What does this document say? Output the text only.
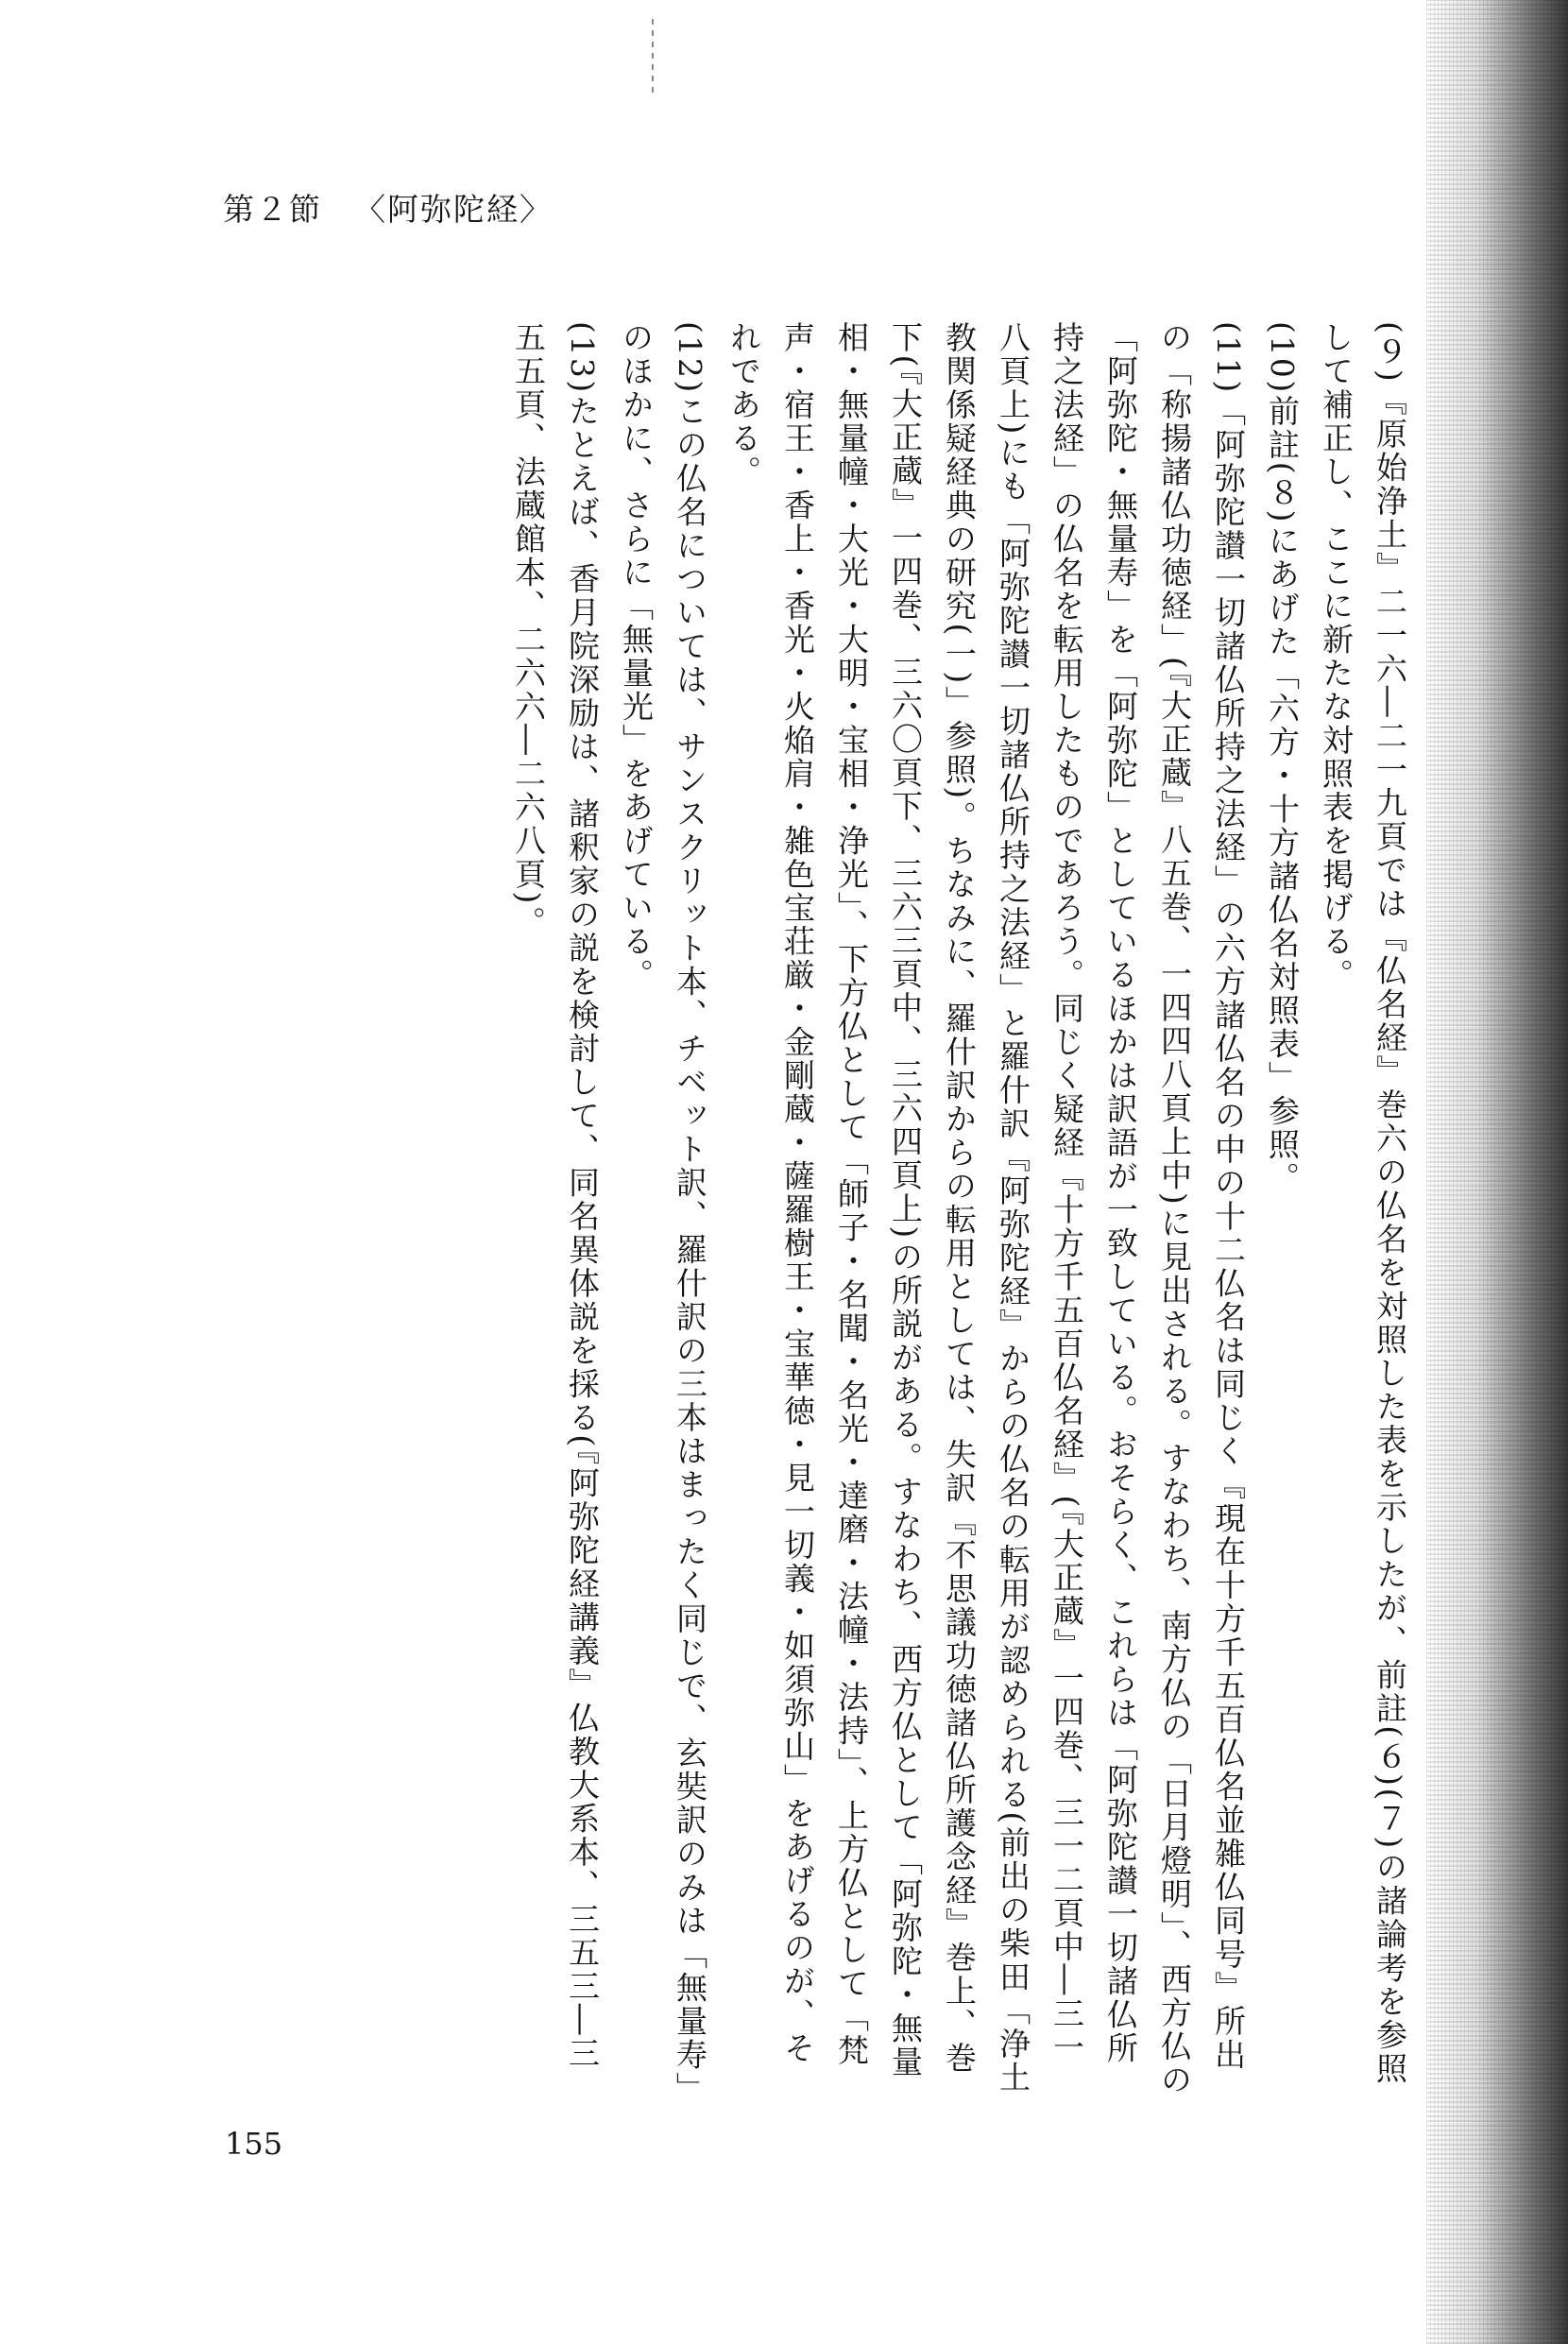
第２節 〈阿弥陀経〉

(９)『原始浄土』二一六―二一九頁では『仏名経』巻六の仏名を対照した表を示したが、前註(６)(７)の諸論考を参照して補正し、ここに新たな対照表を掲げる。

(10)前註(８)にあげた「六方・十方諸仏名対照表」参照。

(11)「阿弥陀讃一切諸仏所持之法経」の六方諸仏名の中の十二仏名は同じく『現在十方千五百仏名並雑仏同号』所出の「称揚諸仏功徳経」(『大正蔵』八五巻、一四四八頁上中)に見出される。すなわち、南方仏の「日月燈明」、西方仏の「阿弥陀・無量寿」を「阿弥陀」としているほかは訳語が一致している。おそらく、これらは「阿弥陀讃一切諸仏所持之法経」の仏名を転用したものであろう。同じく疑経『十方千五百仏名経』(『大正蔵』一四巻、三一二頁中―三一八頁上)にも「阿弥陀讃一切諸仏所持之法経」と羅什訳『阿弥陀経』からの仏名の転用が認められる(前出の柴田「浄土教関係疑経典の研究(一)」参照)。ちなみに、羅什訳からの転用としては、失訳『不思議功徳諸仏所護念経』巻上、巻下(『大正蔵』一四巻、三六〇頁下、三六三頁中、三六四頁上)の所説がある。すなわち、西方仏として「阿弥陀・無量相・無量幢・大光・大明・宝相・浄光」、下方仏として「師子・名聞・名光・達磨・法幢・法持」、上方仏として「梵声・宿王・香上・香光・火焔肩・雑色宝荘厳・金剛蔵・薩羅樹王・宝華徳・見一切義・如須弥山」をあげるのが、それである。

(12)この仏名については、サンスクリット本、チベット訳、羅什訳の三本はまったく同じで、玄奘訳のみは「無量寿」のほかに、さらに「無量光」をあげている。

(13)たとえば、香月院深励は、諸釈家の説を検討して、同名異体説を採る(『阿弥陀経講義』仏教大系本、三五三―三五五頁、法蔵館本、二六六―二六八頁)。

155
